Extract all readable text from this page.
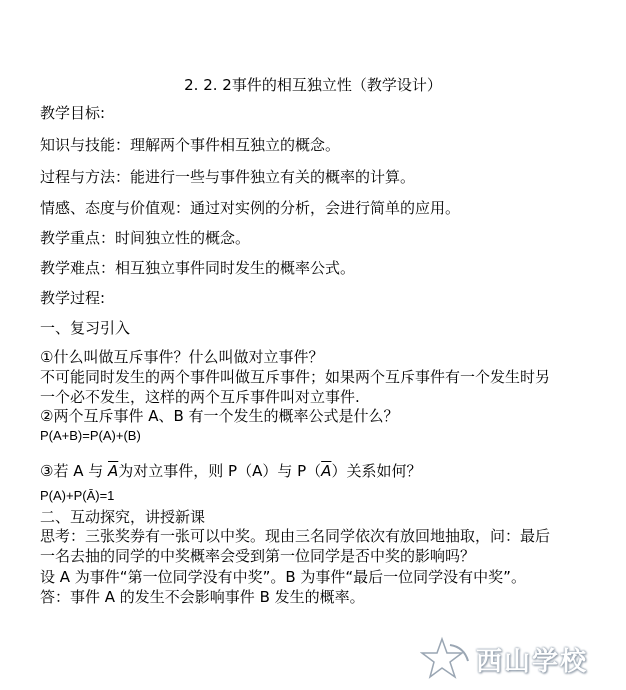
2. 2. 2事件的相互独立性（教学设计）
教学目标:
知识与技能：理解两个事件相互独立的概念。
过程与方法：能进行一些与事件独立有关的概率的计算。
情感、态度与价值观：通过对实例的分析，会进行简单的应用。
教学重点：时间独立性的概念。
教学难点：相互独立事件同时发生的概率公式。
教学过程:
一、复习引入
①什么叫做互斥事件？什么叫做对立事件？
不可能同时发生的两个事件叫做互斥事件；如果两个互斥事件有一个发生时另
一个必不发生，这样的两个互斥事件叫对立事件.
②两个互斥事件 A、B 有一个发生的概率公式是什么？
P(A+B)=P(A)+(B)
③若 A 与 $\overline{A}$为对立事件，则 P（A）与 $P(\overline{A})$关系如何？
P(A)+P(Ā)=1
二、互动探究，讲授新课
思考：三张奖券有一张可以中奖。现由三名同学依次有放回地抽取，问：最后
一名去抽的同学的中奖概率会受到第一位同学是否中奖的影响吗？
设 A 为事件“第一位同学没有中奖”。B 为事件“最后一位同学没有中奖”。
答：事件 A 的发生不会影响事件 B 发生的概率。
西山学校
